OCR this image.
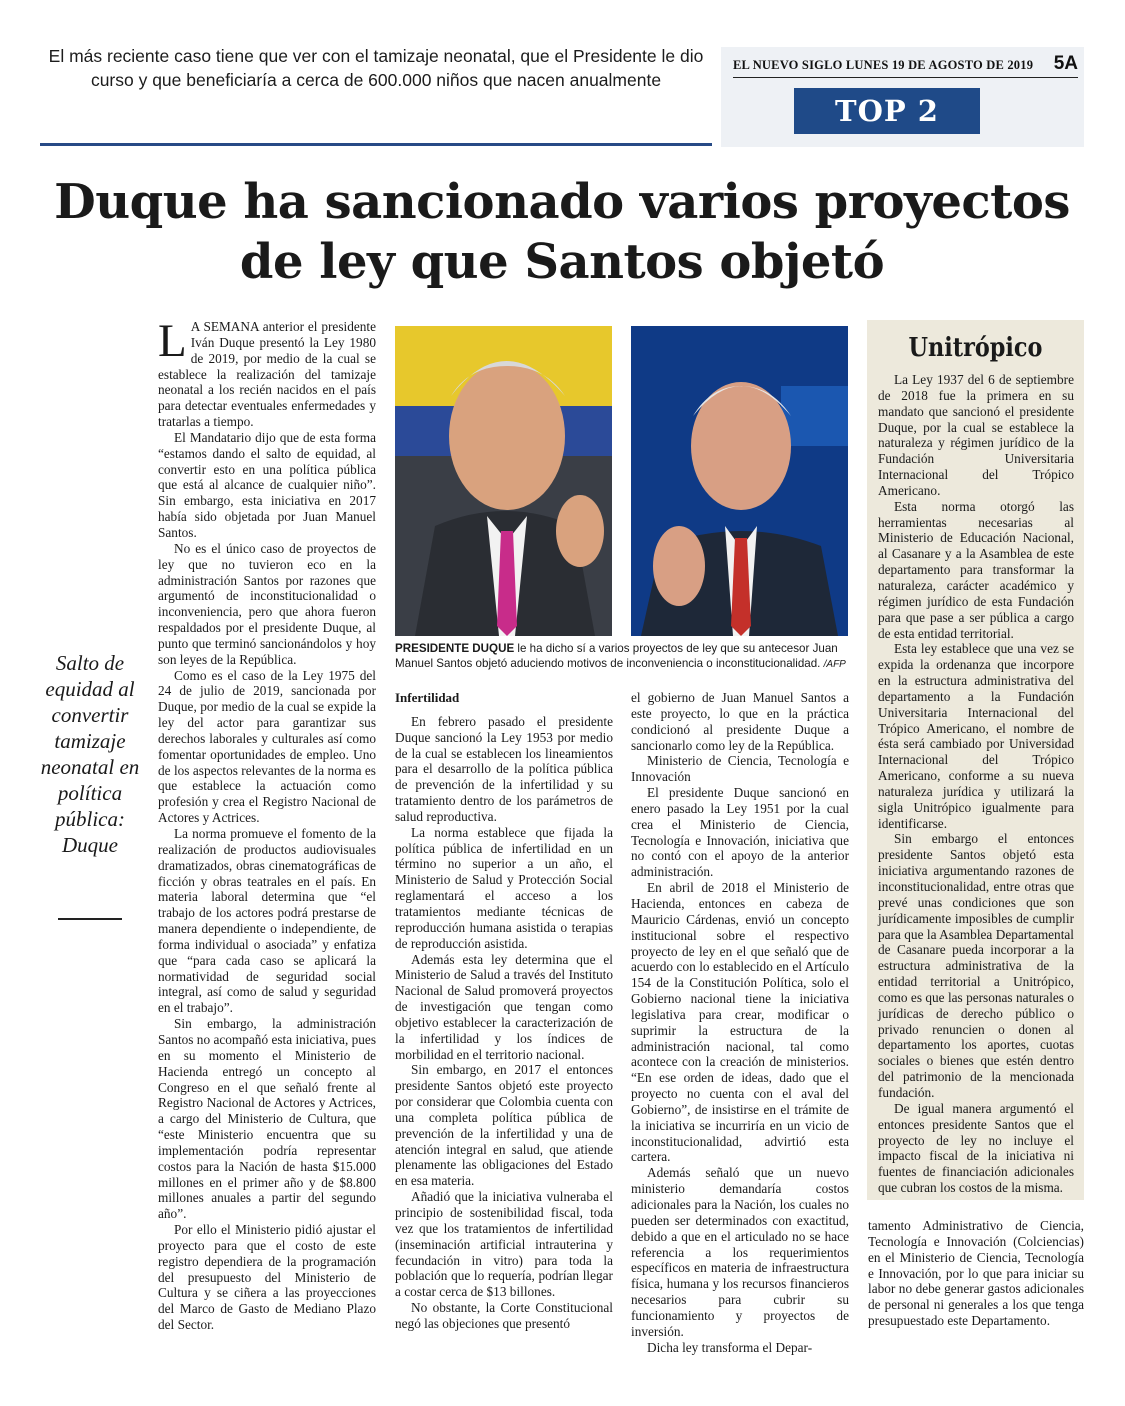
El más reciente caso tiene que ver con el tamizaje neonatal, que el Presidente le dio curso y que beneficiaría a cerca de 600.000 niños que nacen anualmente
EL NUEVO SIGLO LUNES 19 DE AGOSTO DE 2019 5A
TOP 2
Duque ha sancionado varios proyectos de ley que Santos objetó
Salto de equidad al convertir tamizaje neonatal en política pública: Duque

L A SEMANA anterior el presidente Iván Duque presentó la Ley 1980 de 2019, por medio de la cual se establece la realización del tamizaje neonatal a los recién nacidos en el país para detectar eventuales enfermedades y tratarlas a tiempo.

El Mandatario dijo que de esta forma “estamos dando el salto de equidad, al convertir esto en una política pública que está al alcance de cualquier niño”. Sin embargo, esta iniciativa en 2017 había sido objetada por Juan Manuel Santos.

No es el único caso de proyectos de ley que no tuvieron eco en la administración Santos por razones que argumentó de inconstitucionalidad o inconveniencia, pero que ahora fueron respaldados por el presidente Duque, al punto que terminó sancionándolos y hoy son leyes de la República.

Como es el caso de la Ley 1975 del 24 de julio de 2019, sancionada por Duque, por medio de la cual se expide la ley del actor para garantizar sus derechos laborales y culturales así como fomentar oportunidades de empleo. Uno de los aspectos relevantes de la norma es que establece la actuación como profesión y crea el Registro Nacional de Actores y Actrices.

La norma promueve el fomento de la realización de productos audiovisuales dramatizados, obras cinematográficas de ficción y obras teatrales en el país. En materia laboral determina que “el trabajo de los actores podrá prestarse de manera dependiente o independiente, de forma individual o asociada” y enfatiza que “para cada caso se aplicará la normatividad de seguridad social integral, así como de salud y seguridad en el trabajo”.

Sin embargo, la administración Santos no acompañó esta iniciativa, pues en su momento el Ministerio de Hacienda entregó un concepto al Congreso en el que señaló frente al Registro Nacional de Actores y Actrices, a cargo del Ministerio de Cultura, que “este Ministerio encuentra que su implementación podría representar costos para la Nación de hasta $15.000 millones en el primer año y de $8.800 millones anuales a partir del segundo año”.

Por ello el Ministerio pidió ajustar el proyecto para que el costo de este registro dependiera de la programación del presupuesto del Ministerio de Cultura y se ciñera a las proyecciones del Marco de Gasto de Mediano Plazo del Sector.

PRESIDENTE DUQUE le ha dicho sí a varios proyectos de ley que su antecesor Juan Manuel Santos objetó aduciendo motivos de inconveniencia o inconstitucionalidad. /AFP

Infertilidad

En febrero pasado el presidente Duque sancionó la Ley 1953 por medio de la cual se establecen los lineamientos para el desarrollo de la política pública de prevención de la infertilidad y su tratamiento dentro de los parámetros de salud reproductiva.

La norma establece que fijada la política pública de infertilidad en un término no superior a un año, el Ministerio de Salud y Protección Social reglamentará el acceso a los tratamientos mediante técnicas de reproducción humana asistida o terapias de reproducción asistida.

Además esta ley determina que el Ministerio de Salud a través del Instituto Nacional de Salud promoverá proyectos de investigación que tengan como objetivo establecer la caracterización de la infertilidad y los índices de morbilidad en el territorio nacional.

Sin embargo, en 2017 el entonces presidente Santos objetó este proyecto por considerar que Colombia cuenta con una completa política pública de prevención de la infertilidad y una de atención integral en salud, que atiende plenamente las obligaciones del Estado en esa materia.

Añadió que la iniciativa vulneraba el principio de sostenibilidad fiscal, toda vez que los tratamientos de infertilidad (inseminación artificial intrauterina y fecundación in vitro) para toda la población que lo requería, podrían llegar a costar cerca de $13 billones.

No obstante, la Corte Constitucional negó las objeciones que presentó

el gobierno de Juan Manuel Santos a este proyecto, lo que en la práctica condicionó al presidente Duque a sancionarlo como ley de la República.

Ministerio de Ciencia, Tecnología e Innovación

El presidente Duque sancionó en enero pasado la Ley 1951 por la cual crea el Ministerio de Ciencia, Tecnología e Innovación, iniciativa que no contó con el apoyo de la anterior administración.

En abril de 2018 el Ministerio de Hacienda, entonces en cabeza de Mauricio Cárdenas, envió un concepto institucional sobre el respectivo proyecto de ley en el que señaló que de acuerdo con lo establecido en el Artículo 154 de la Constitución Política, solo el Gobierno nacional tiene la iniciativa legislativa para crear, modificar o suprimir la estructura de la administración nacional, tal como acontece con la creación de ministerios. “En ese orden de ideas, dado que el proyecto no cuenta con el aval del Gobierno”, de insistirse en el trámite de la iniciativa se incurriría en un vicio de inconstitucionalidad, advirtió esta cartera.

Además señaló que un nuevo ministerio demandaría costos adicionales para la Nación, los cuales no pueden ser determinados con exactitud, debido a que en el articulado no se hace referencia a los requerimientos específicos en materia de infraestructura física, humana y los recursos financieros necesarios para cubrir su funcionamiento y proyectos de inversión.

Dicha ley transforma el Depar-

Unitrópico

La Ley 1937 del 6 de septiembre de 2018 fue la primera en su mandato que sancionó el presidente Duque, por la cual se establece la naturaleza y régimen jurídico de la Fundación Universitaria Internacional del Trópico Americano.

Esta norma otorgó las herramientas necesarias al Ministerio de Educación Nacional, al Casanare y a la Asamblea de este departamento para transformar la naturaleza, carácter académico y régimen jurídico de esta Fundación para que pase a ser pública a cargo de esta entidad territorial.

Esta ley establece que una vez se expida la ordenanza que incorpore en la estructura administrativa del departamento a la Fundación Universitaria Internacional del Trópico Americano, el nombre de ésta será cambiado por Universidad Internacional del Trópico Americano, conforme a su nueva naturaleza jurídica y utilizará la sigla Unitrópico igualmente para identificarse.

Sin embargo el entonces presidente Santos objetó esta iniciativa argumentando razones de inconstitucionalidad, entre otras que prevé unas condiciones que son jurídicamente imposibles de cumplir para que la Asamblea Departamental de Casanare pueda incorporar a la estructura administrativa de la entidad territorial a Unitrópico, como es que las personas naturales o jurídicas de derecho público o privado renuncien o donen al departamento los aportes, cuotas sociales o bienes que estén dentro del patrimonio de la mencionada fundación.

De igual manera argumentó el entonces presidente Santos que el proyecto de ley no incluye el impacto fiscal de la iniciativa ni fuentes de financiación adicionales que cubran los costos de la misma.

tamento Administrativo de Ciencia, Tecnología e Innovación (Colciencias) en el Ministerio de Ciencia, Tecnología e Innovación, por lo que para iniciar su labor no debe generar gastos adicionales de personal ni generales a los que tenga presupuestado este Departamento.
